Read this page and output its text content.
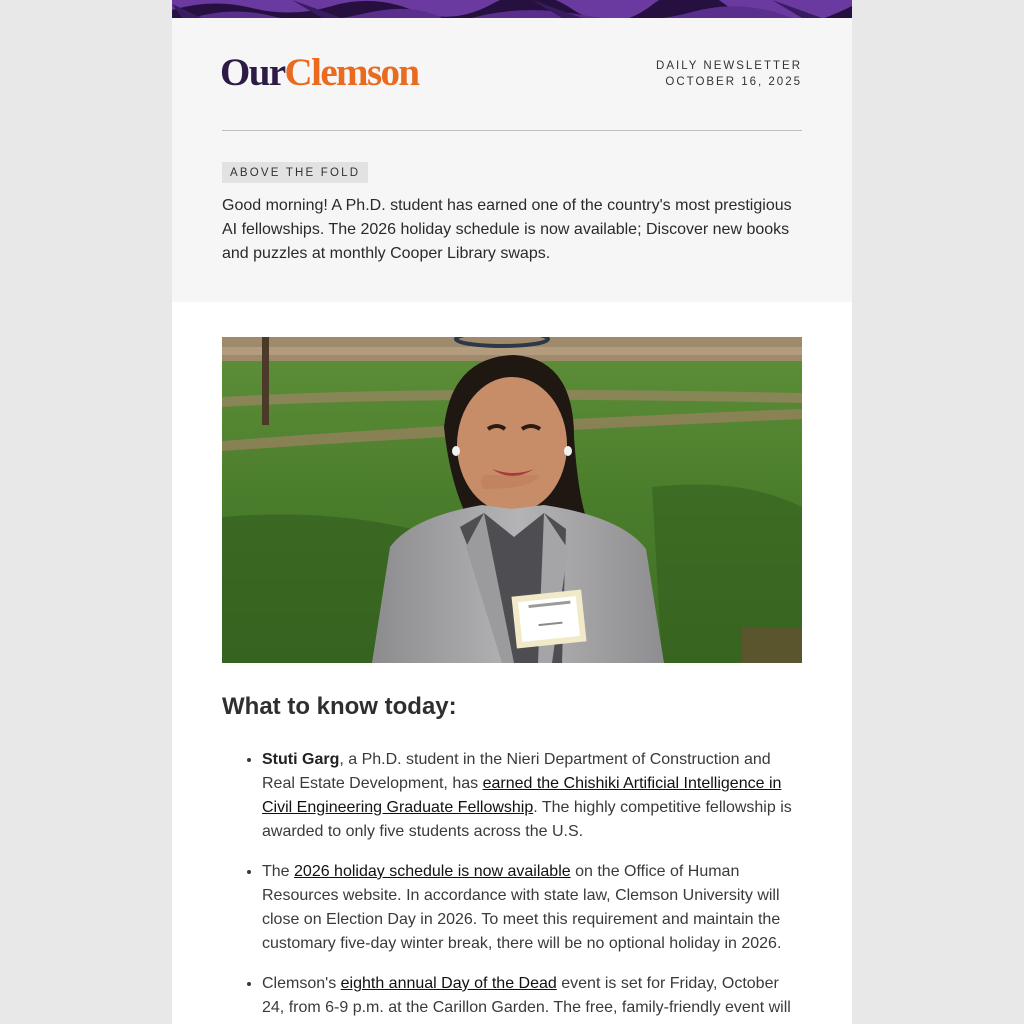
OurClemson	DAILY NEWSLETTER
OCTOBER 16, 2025
ABOVE THE FOLD

Good morning! A Ph.D. student has earned one of the country's most prestigious AI fellowships. The 2026 holiday schedule is now available; Discover new books and puzzles at monthly Cooper Library swaps.

What to know today:
• Stuti Garg, a Ph.D. student in the Nieri Department of Construction and Real Estate Development, has earned the Chishiki Artificial Intelligence in Civil Engineering Graduate Fellowship. The highly competitive fellowship is awarded to only five students across the U.S.
• The 2026 holiday schedule is now available on the Office of Human Resources website. In accordance with state law, Clemson University will close on Election Day in 2026. To meet this requirement and maintain the customary five-day winter break, there will be no optional holiday in 2026.
• Clemson's eighth annual Day of the Dead event is set for Friday, October 24, from 6-9 p.m. at the Carillon Garden. The free, family-friendly event will
